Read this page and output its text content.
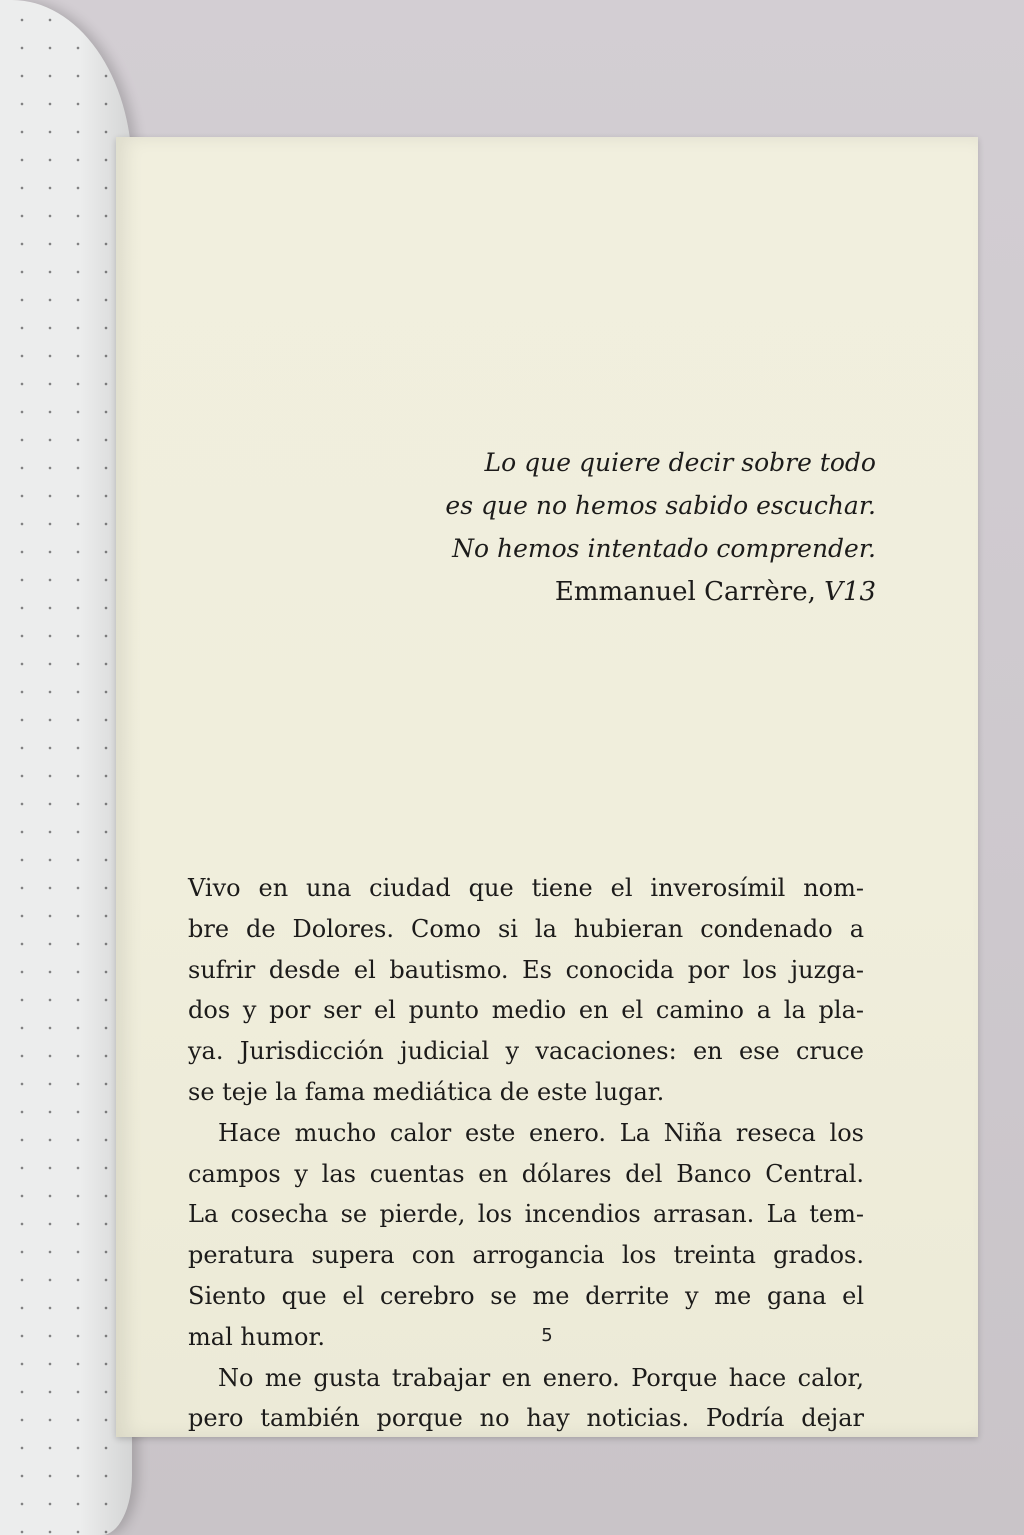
Lo que quiere decir sobre todo
es que no hemos sabido escuchar.
No hemos intentado comprender.
Emmanuel Carrère, V13

Vivo en una ciudad que tiene el inverosímil nom-
bre de Dolores. Como si la hubieran condenado a
sufrir desde el bautismo. Es conocida por los juzga-
dos y por ser el punto medio en el camino a la pla-
ya. Jurisdicción judicial y vacaciones: en ese cruce
se teje la fama mediática de este lugar.

Hace mucho calor este enero. La Niña reseca los
campos y las cuentas en dólares del Banco Central.
La cosecha se pierde, los incendios arrasan. La tem-
peratura supera con arrogancia los treinta grados.
Siento que el cerebro se me derrite y me gana el
mal humor.

No me gusta trabajar en enero. Porque hace calor,
pero también porque no hay noticias. Podría dejar

5
